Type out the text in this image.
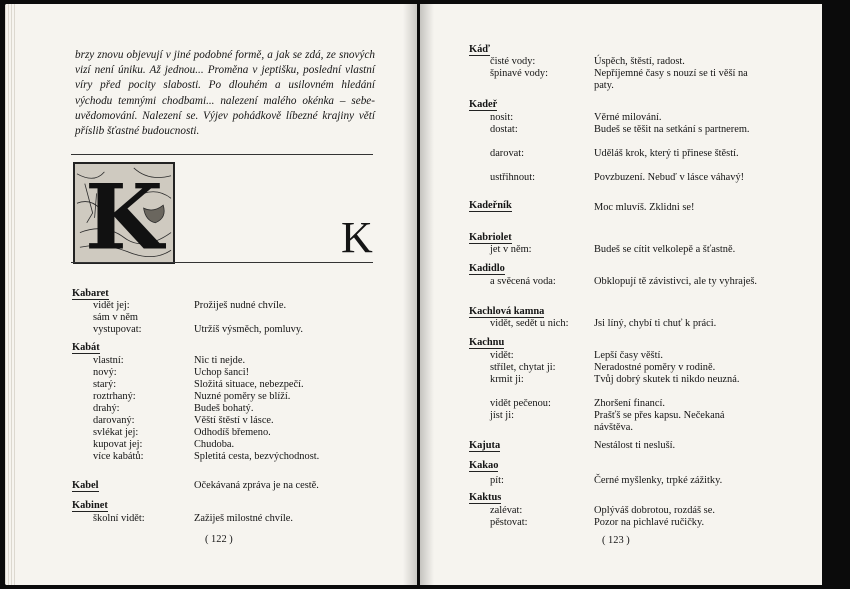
brzy znovu objevují v jiné podobné formě, a jak se zdá, ze snových vizí není úniku. Až jednou... Proměna v jeptišku, poslední vlastní víry před pocity slabosti. Po dlouhém a usilovném hledání východu temnými chodbami... nalezení malého okénka – sebeuvědomování. Nalezení se. Výjev pohádkově líbezné krajiny větí příslib šťastné budoucnosti.
K	K
Kabaret
vidět jej:	Prožiješ nudné chvíle.
sám v něm
vystupovat:	Utržíš výsměch, pomluvy.
Kabát
vlastní:	Nic ti nejde.
nový:	Uchop šanci!
starý:	Složitá situace, nebezpečí.
roztrhaný:	Nuzné poměry se blíží.
drahý:	Budeš bohatý.
darovaný:	Věští štěstí v lásce.
svlékat jej:	Odhodíš břemeno.
kupovat jej:	Chudoba.
více kabátů:	Spletitá cesta, bezvýchodnost.
Kabel	Očekávaná zpráva je na cestě.
Kabinet
školní vidět:	Zažiješ milostné chvíle.
( 122 )
Káď
čisté vody:	Úspěch, štěstí, radost.
špinavé vody:	Nepříjemné časy s nouzí se ti věší na paty.
Kadeř
nosit:	Věrné milování.
dostat:	Budeš se těšit na setkání s partnerem.
darovat:	Uděláš krok, který ti přinese štěstí.
ustřihnout:	Povzbuzení. Nebuď v lásce váhavý!
Kadeřník	Moc mluvíš. Zklidni se!
Kabriolet
jet v něm:	Budeš se cítit velkolepě a šťastně.
Kadidlo
a svěcená voda:	Obklopují tě závistivci, ale ty vyhraješ.
Kachlová kamna
vidět, sedět u nich: Jsi líný, chybí ti chuť k práci.
Kachnu
vidět:	Lepší časy věští.
střílet, chytat ji:	Neradostné poměry v rodině.
krmit ji:	Tvůj dobrý skutek ti nikdo neuzná.
vidět pečenou:	Zhoršení financí.
jíst ji:	Prašťš se přes kapsu. Nečekaná návštěva.
Kajuta	Nestálost ti nesluší.
Kakao
pít:	Černé myšlenky, trpké zážitky.
Kaktus
zalévat:	Oplýváš dobrotou, rozdáš se.
pěstovat:	Pozor na pichlavé ručičky.
( 123 )
